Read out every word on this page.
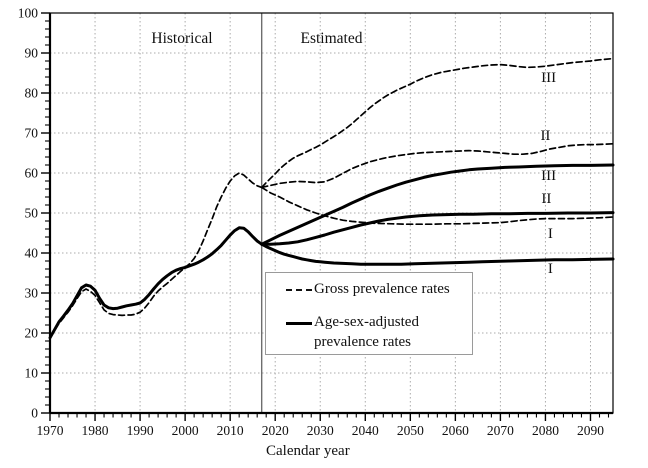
0
10
20
30
40
50
60
70
80
90
100
1970 1980 1990 2000 2010 2020 2030 2040 2050 2060 2070 2080 2090
Historical	Estimated
III
II
III
II
I
I
Calendar year
Gross prevalence rates
Age-sex-adjusted
prevalence rates
